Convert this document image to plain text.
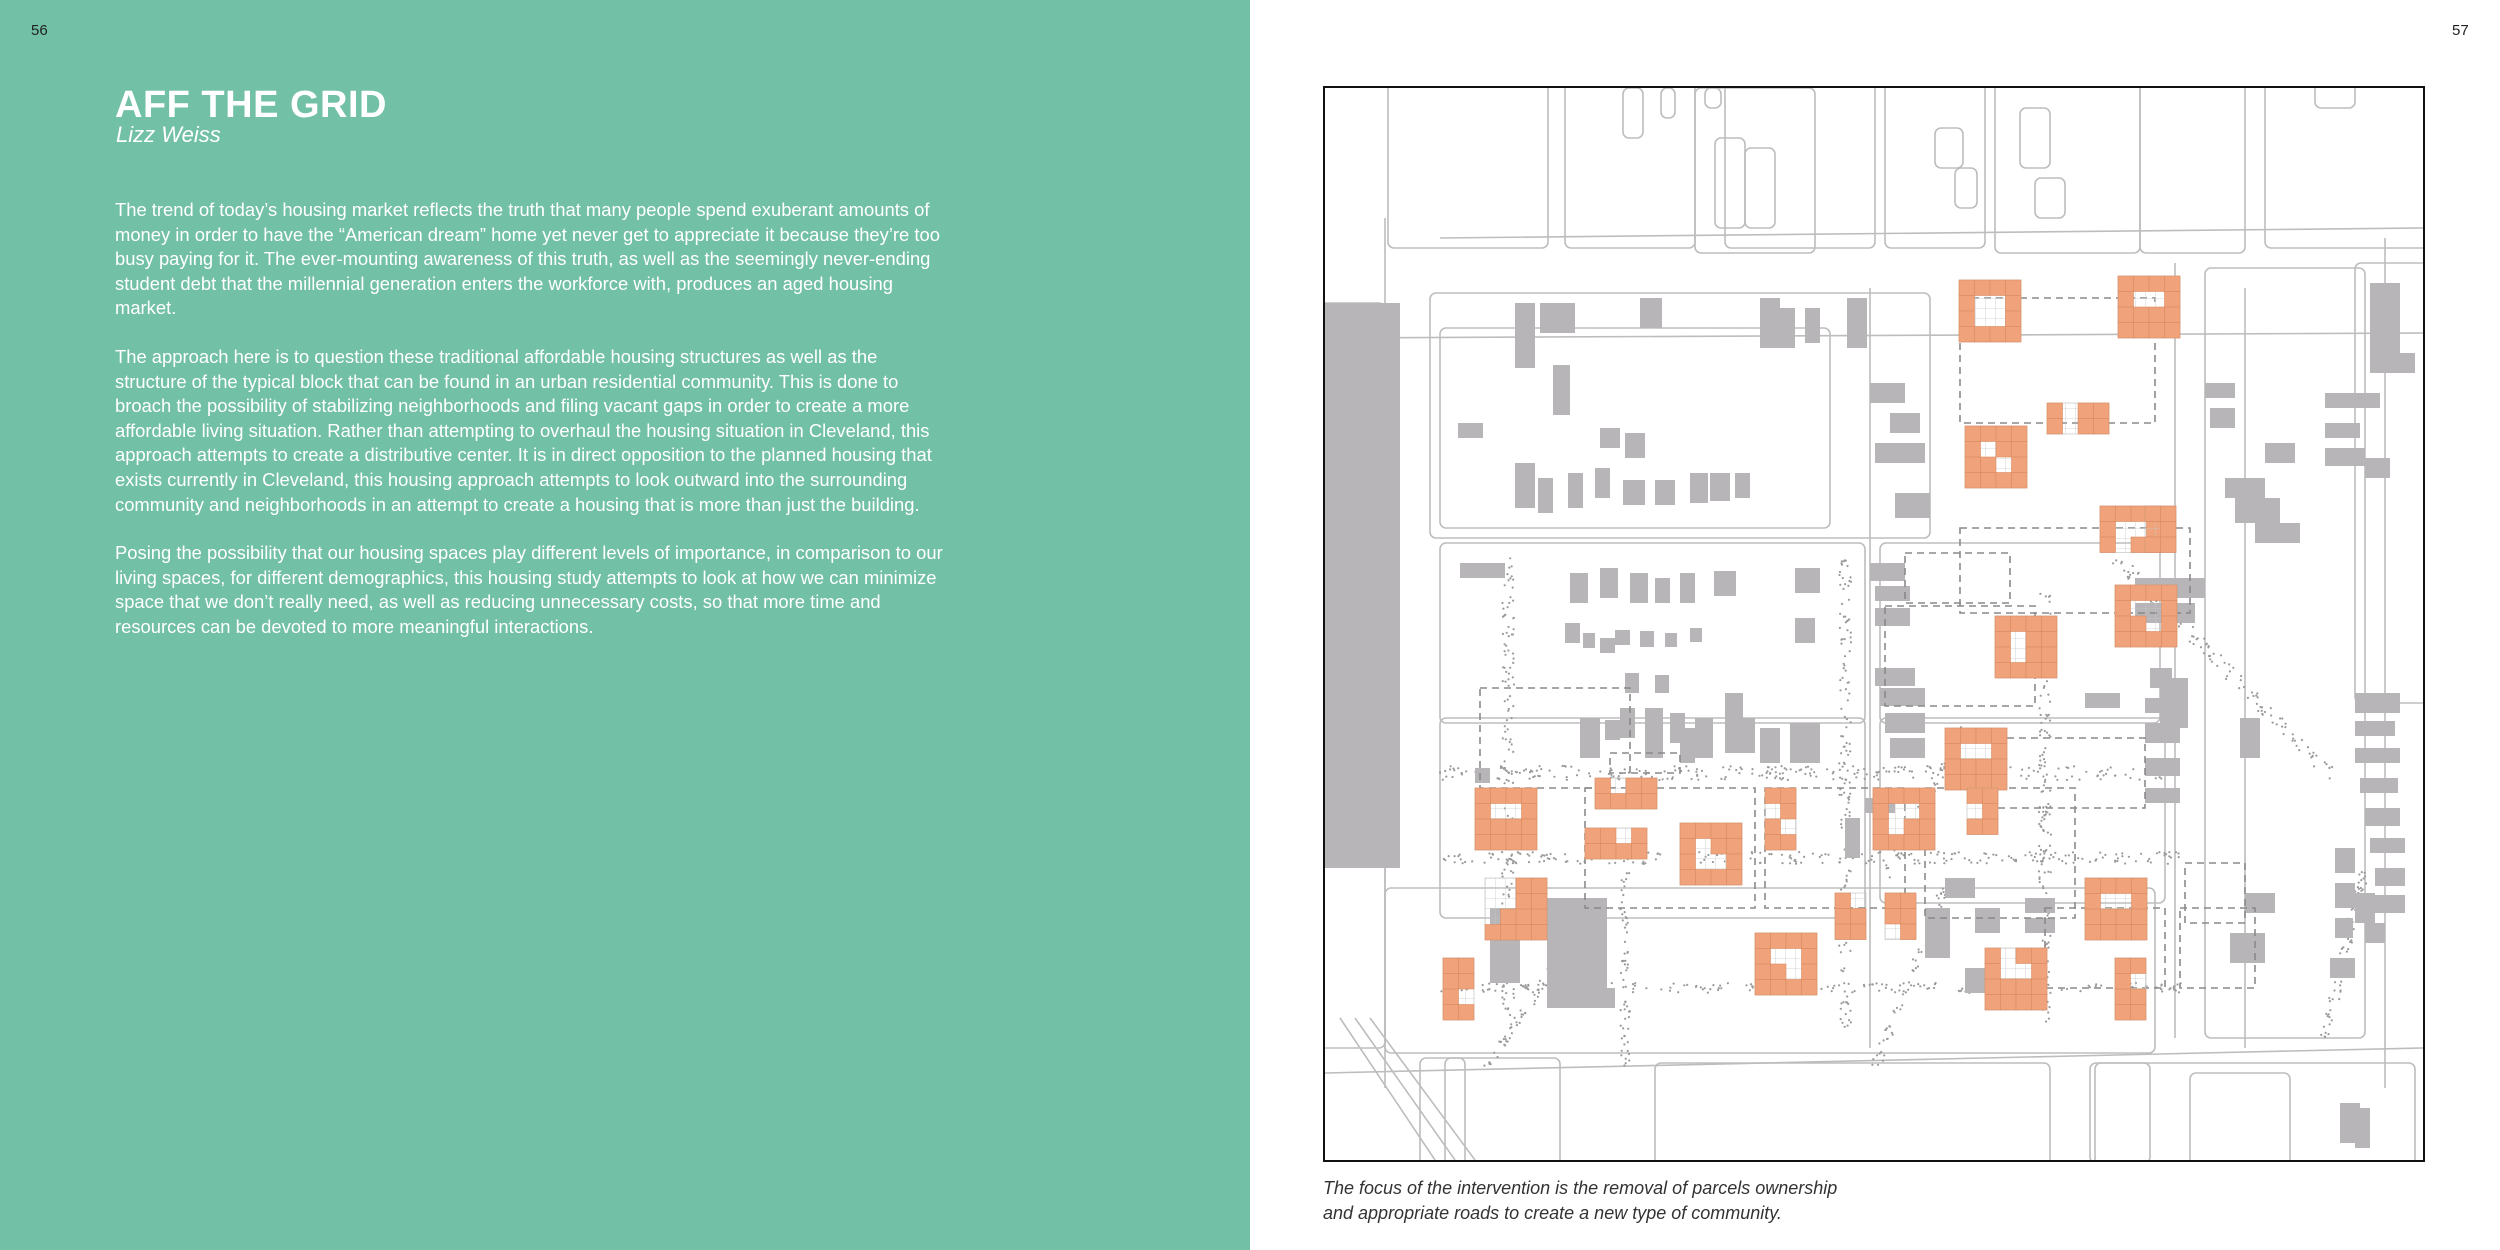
56
AFF THE GRID
Lizz Weiss

The trend of today’s housing market reflects the truth that many people spend exuberant amounts of money in order to have the “American dream” home yet never get to appreciate it because they’re too busy paying for it. The ever-mounting awareness of this truth, as well as the seemingly never-ending student debt that the millennial generation enters the workforce with, produces an aged housing market.

The approach here is to question these traditional affordable housing structures as well as the structure of the typical block that can be found in an urban residential community. This is done to broach the possibility of stabilizing neighborhoods and filing vacant gaps in order to create a more affordable living situation. Rather than attempting to overhaul the housing situation in Cleveland, this approach attempts to create a distributive center. It is in direct opposition to the planned housing that exists currently in Cleveland, this housing approach attempts to look outward into the surrounding community and neighborhoods in an attempt to create a housing that is more than just the building.

Posing the possibility that our housing spaces play different levels of importance, in comparison to our living spaces, for different demographics, this housing study attempts to look at how we can minimize space that we don’t really need, as well as reducing unnecessary costs, so that more time and resources can be devoted to more meaningful interactions.

57
The focus of the intervention is the removal of parcels ownership
and appropriate roads to create a new type of community.
